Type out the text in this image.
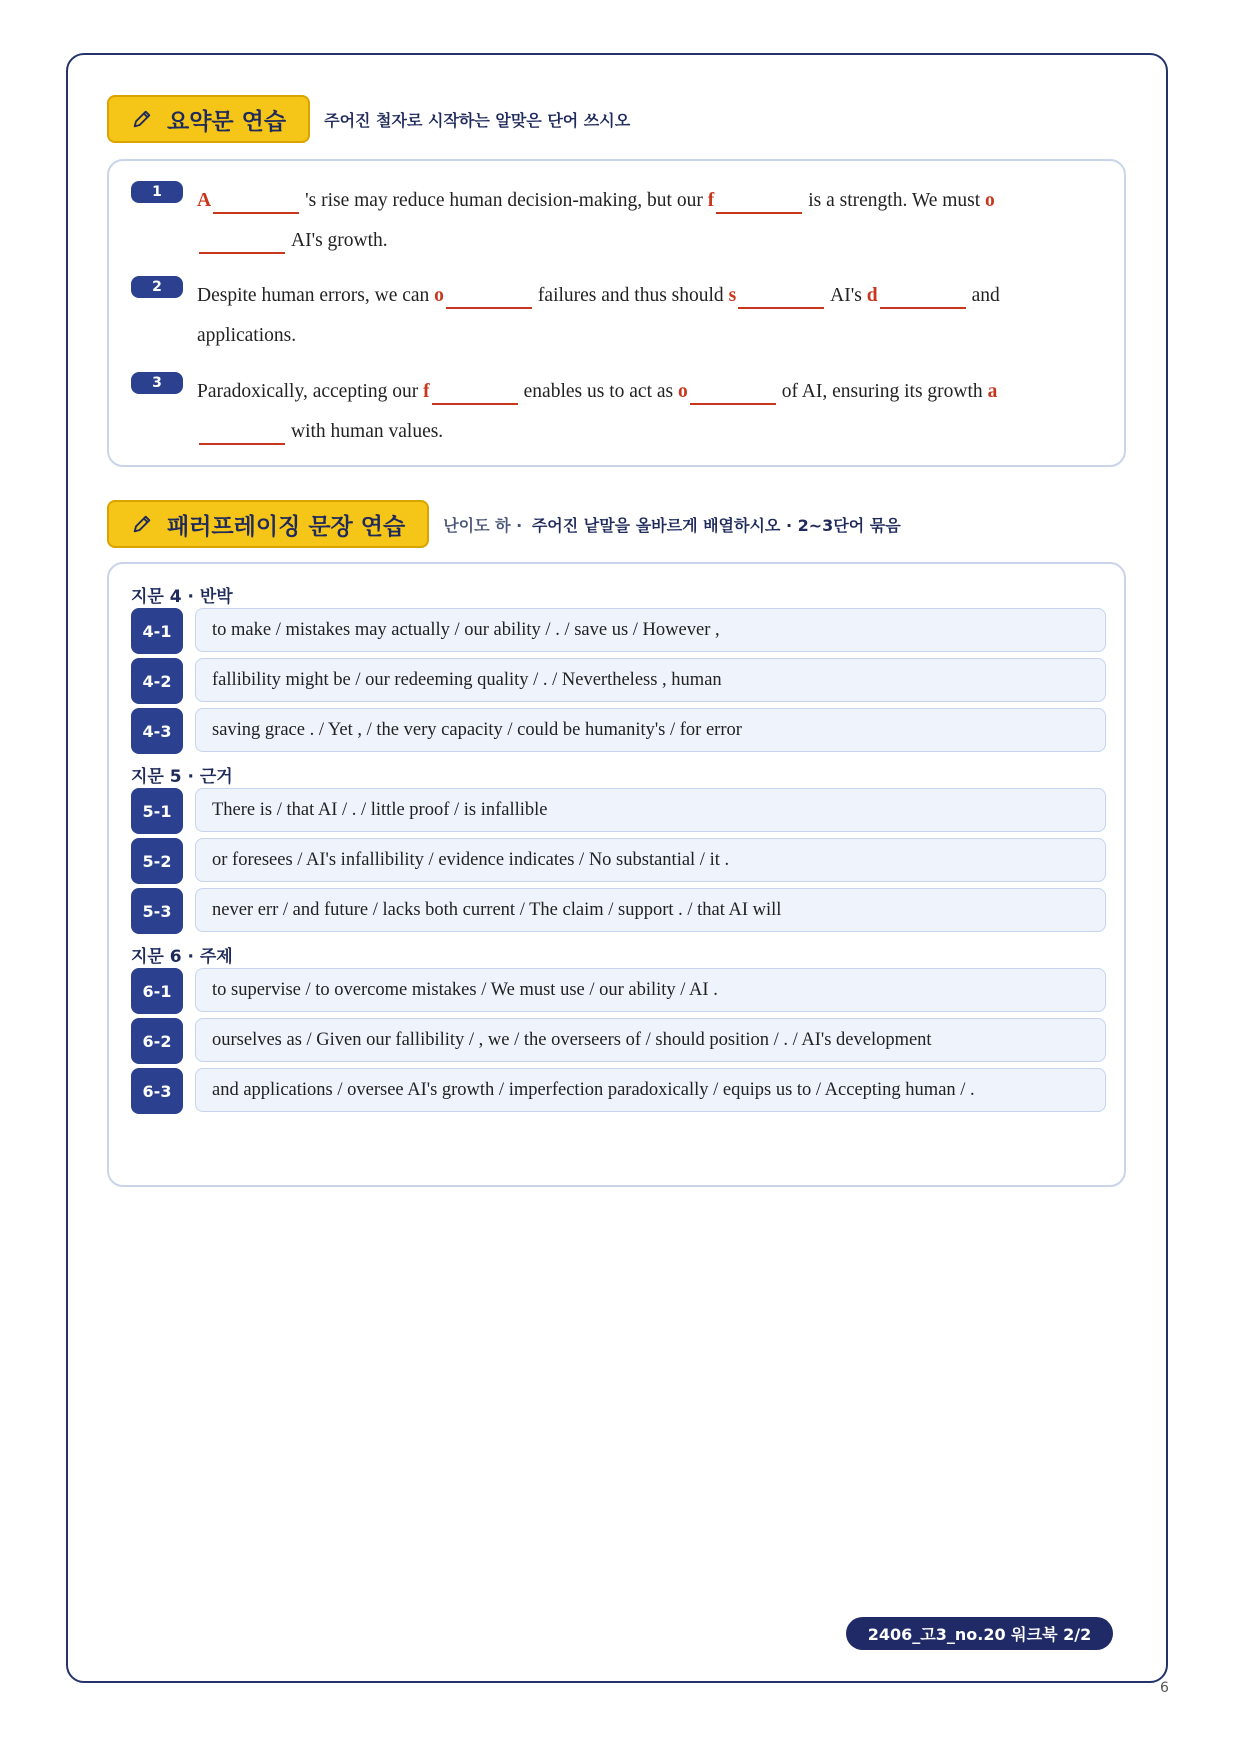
요약문 연습 주어진 철자로 시작하는 알맞은 단어 쓰시오
1	A	's rise may reduce human decision-making, but our f	is a strength. We must oAI's growth.
2	Despite human errors, we can o	failures and thus should s	AI's d	and applications.
3	Paradoxically, accepting our f	enables us to act as o	of AI, ensuring its growth awith human values.
패러프레이징 문장 연습 난이도 하 · 주어진 낱말을 올바르게 배열하시오 · 2~3단어 묶음
지문 4 · 반박
4-1	to make / mistakes may actually / our ability / . / save us / However ,
4-2	fallibility might be / our redeeming quality / . / Nevertheless , human
4-3	saving grace . / Yet , / the very capacity / could be humanity's / for error
지문 5 · 근거
5-1	There is / that AI / . / little proof / is infallible
5-2	or foresees / AI's infallibility / evidence indicates / No substantial / it .
5-3	never err / and future / lacks both current / The claim / support . / that AI will
지문 6 · 주제
6-1	to supervise / to overcome mistakes / We must use / our ability / AI .
6-2	ourselves as / Given our fallibility / , we / the overseers of / should position / . / AI's development
6-3	and applications / oversee AI's growth / imperfection paradoxically / equips us to / Accepting human / .
2406_고3_no.20 워크북 2/2
6
